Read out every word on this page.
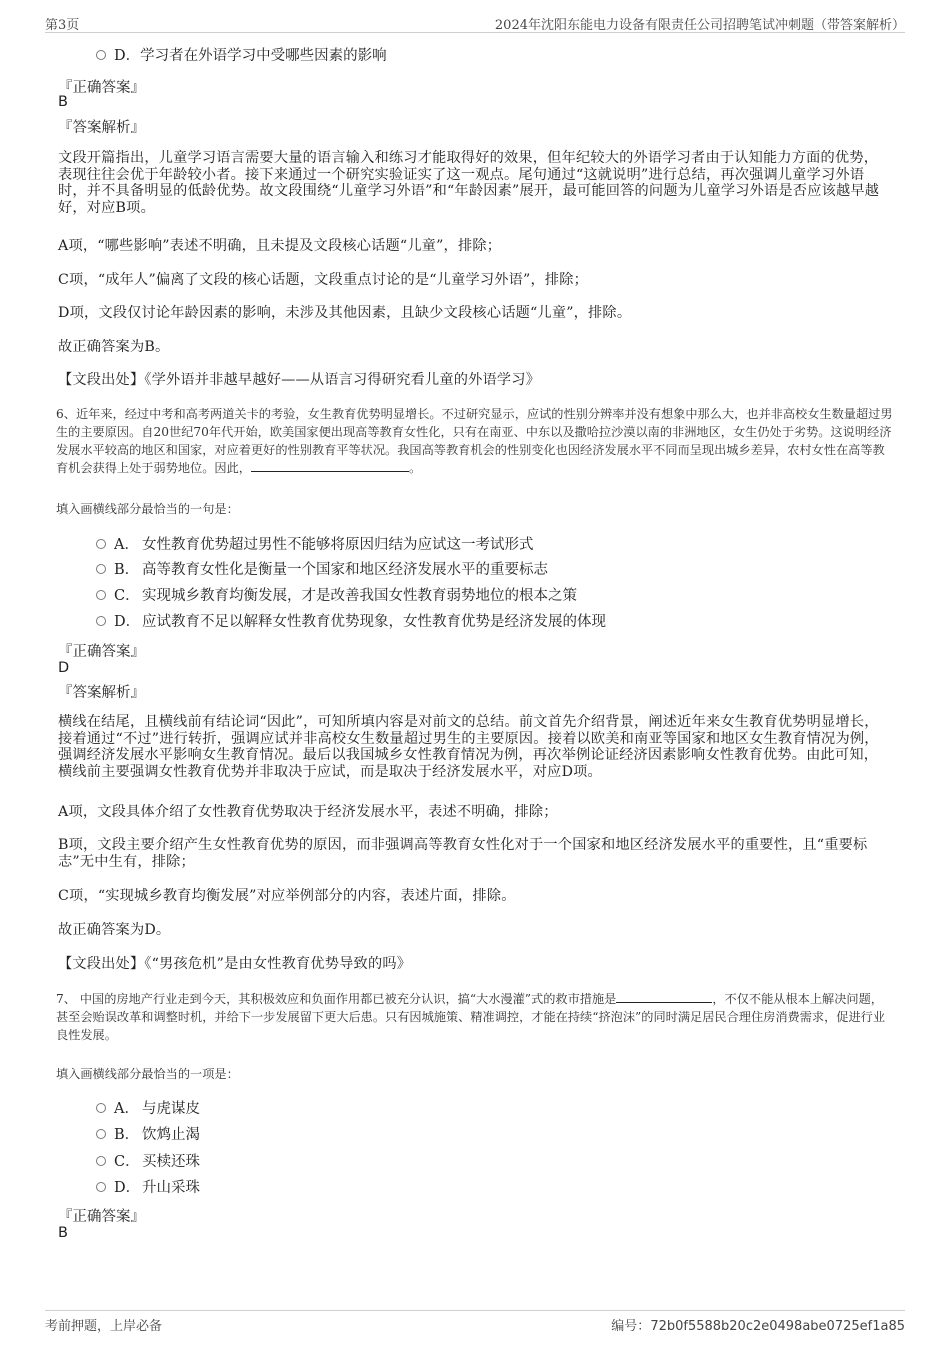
第3页	2024年沈阳东能电力设备有限责任公司招聘笔试冲刺题（带答案解析）
D．学习者在外语学习中受哪些因素的影响
『正确答案』
B
『答案解析』
文段开篇指出，儿童学习语言需要大量的语言输入和练习才能取得好的效果，但年纪较大的外语学习者由于认知能力方面的优势，表现往往会优于年龄较小者。接下来通过一个研究实验证实了这一观点。尾句通过“这就说明”进行总结，再次强调儿童学习外语时，并不具备明显的低龄优势。故文段围绕“儿童学习外语”和“年龄因素”展开，最可能回答的问题为儿童学习外语是否应该越早越好，对应B项。
A项，“哪些影响”表述不明确，且未提及文段核心话题“儿童”，排除；
C项，“成年人”偏离了文段的核心话题，文段重点讨论的是“儿童学习外语”，排除；
D项，文段仅讨论年龄因素的影响，未涉及其他因素，且缺少文段核心话题“儿童”，排除。
故正确答案为B。
【文段出处】《学外语并非越早越好——从语言习得研究看儿童的外语学习》
6、近年来，经过中考和高考两道关卡的考验，女生教育优势明显增长。不过研究显示，应试的性别分辨率并没有想象中那么大，也并非高校女生数量超过男生的主要原因。自20世纪70年代开始，欧美国家便出现高等教育女性化，只有在南亚、中东以及撒哈拉沙漠以南的非洲地区，女生仍处于劣势。这说明经济发展水平较高的地区和国家，对应着更好的性别教育平等状况。我国高等教育机会的性别变化也因经济发展水平不同而呈现出城乡差异，农村女性在高等教育机会获得上处于弱势地位。因此，	。
填入画横线部分最恰当的一句是：
A． 女性教育优势超过男性不能够将原因归结为应试这一考试形式
B． 高等教育女性化是衡量一个国家和地区经济发展水平的重要标志
C． 实现城乡教育均衡发展，才是改善我国女性教育弱势地位的根本之策
D． 应试教育不足以解释女性教育优势现象，女性教育优势是经济发展的体现
『正确答案』
D
『答案解析』
横线在结尾，且横线前有结论词“因此”，可知所填内容是对前文的总结。前文首先介绍背景，阐述近年来女生教育优势明显增长，接着通过“不过”进行转折，强调应试并非高校女生数量超过男生的主要原因。接着以欧美和南亚等国家和地区女生教育情况为例，强调经济发展水平影响女生教育情况。最后以我国城乡女性教育情况为例，再次举例论证经济因素影响女性教育优势。由此可知，横线前主要强调女性教育优势并非取决于应试，而是取决于经济发展水平，对应D项。
A项，文段具体介绍了女性教育优势取决于经济发展水平，表述不明确，排除；
B项，文段主要介绍产生女性教育优势的原因，而非强调高等教育女性化对于一个国家和地区经济发展水平的重要性，且“重要标志”无中生有，排除；
C项，“实现城乡教育均衡发展”对应举例部分的内容，表述片面，排除。
故正确答案为D。
【文段出处】《“男孩危机”是由女性教育优势导致的吗》
7、 中国的房地产行业走到今天，其积极效应和负面作用都已被充分认识，搞“大水漫灌”式的救市措施是	，不仅不能从根本上解决问题，甚至会贻误改革和调整时机，并给下一步发展留下更大后患。只有因城施策、精准调控，才能在持续“挤泡沫”的同时满足居民合理住房消费需求，促进行业良性发展。
填入画横线部分最恰当的一项是：
A． 与虎谋皮
B． 饮鸩止渴
C． 买椟还珠
D． 升山采珠
『正确答案』
B
考前押题，上岸必备	编号：72b0f5588b20c2e0498abe0725ef1a85
